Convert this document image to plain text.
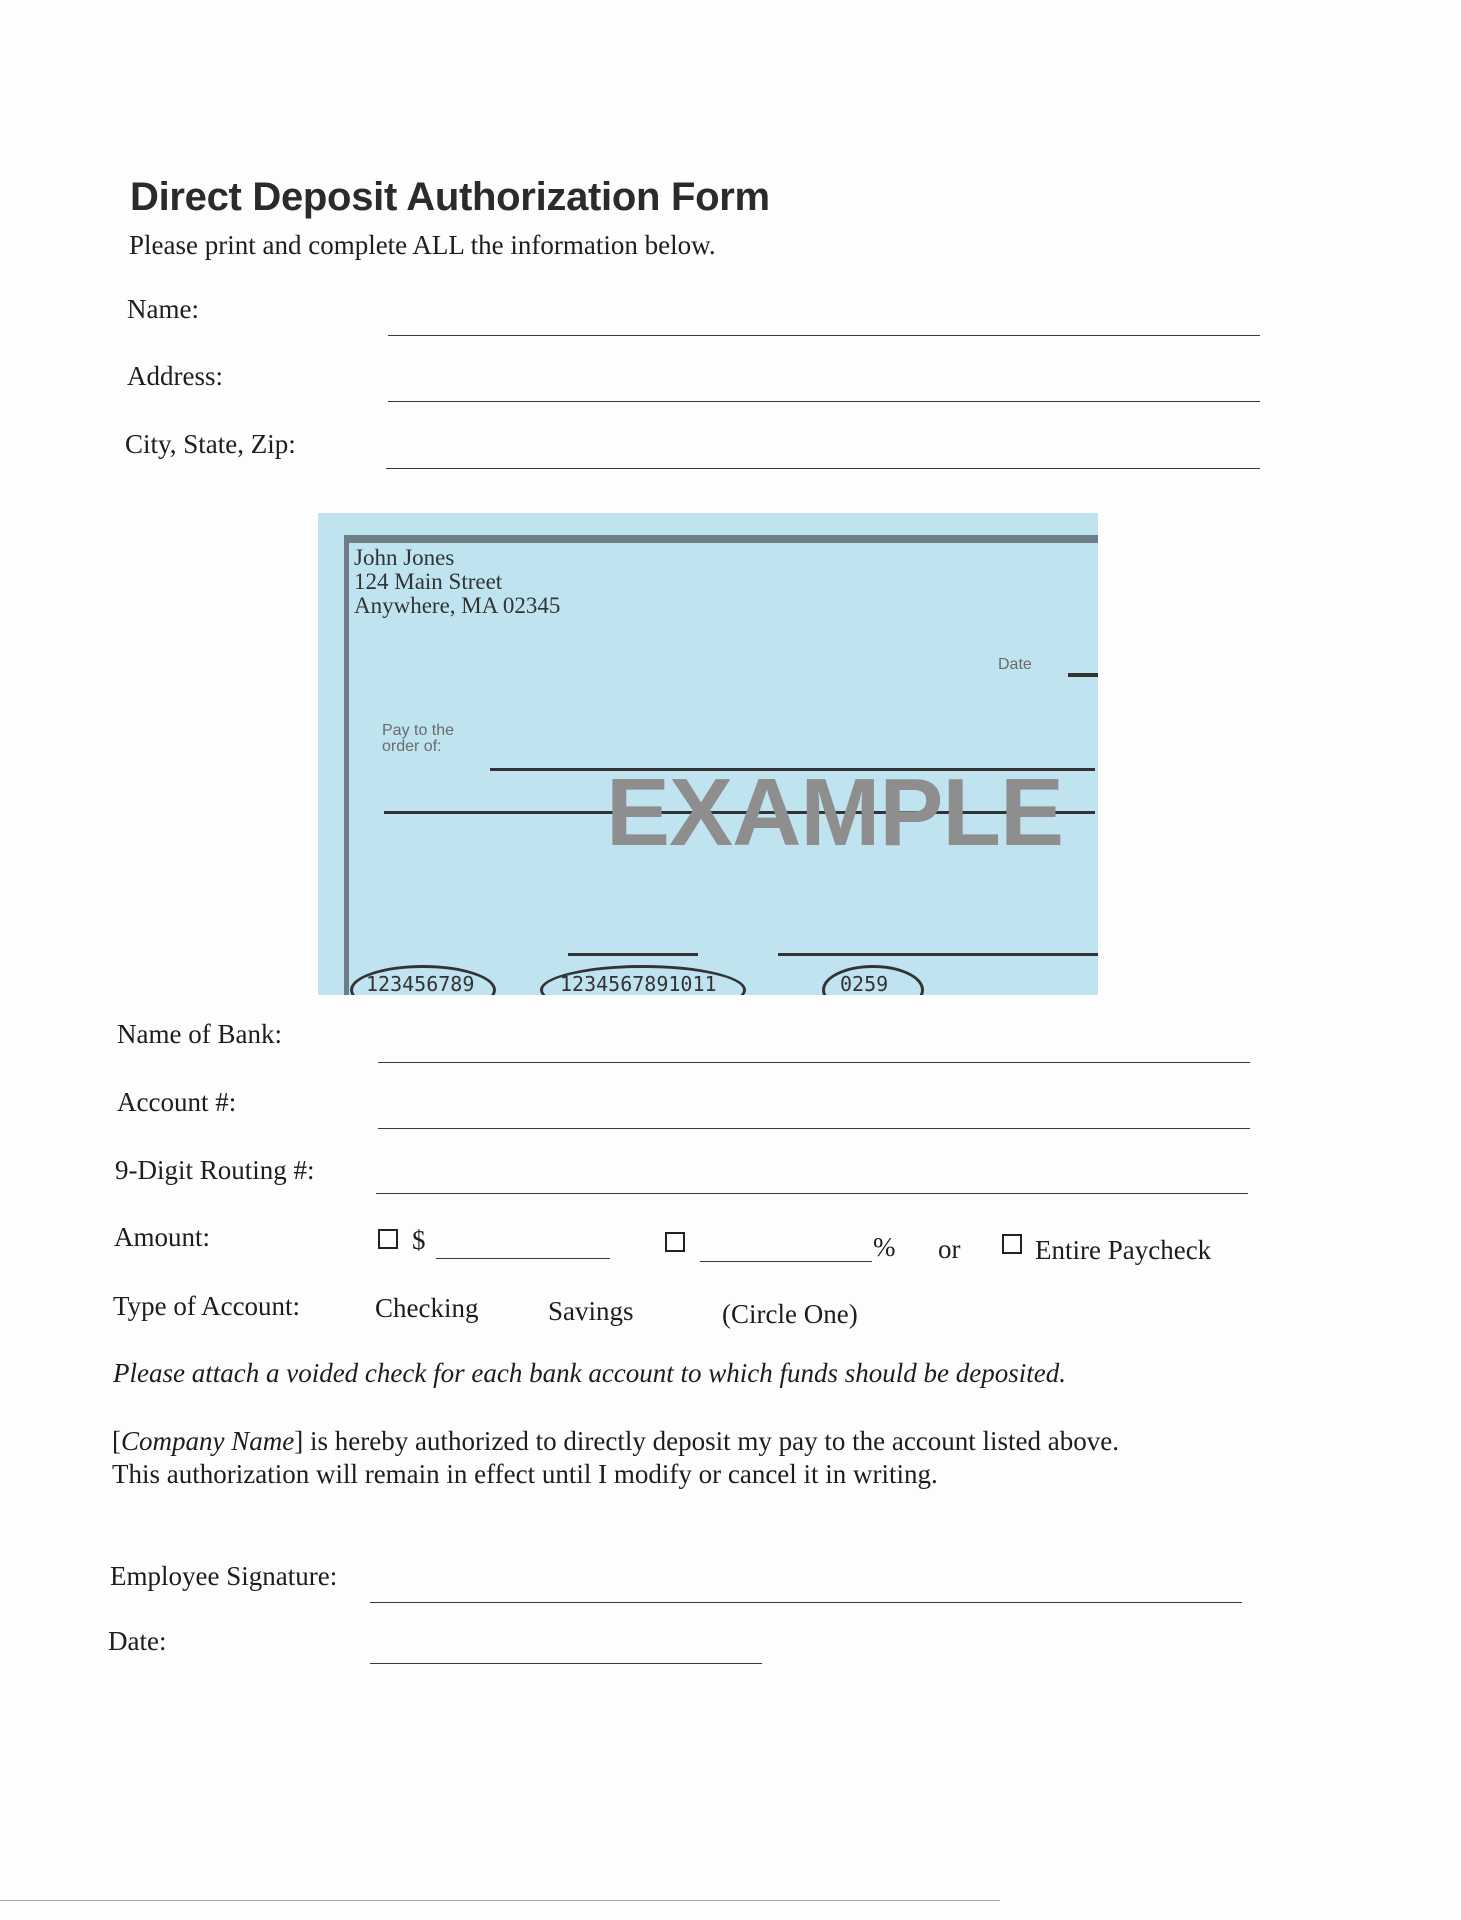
Direct Deposit Authorization Form
Please print and complete ALL the information below.
Name:
Address:
City, State, Zip:
John Jones
124 Main Street
Anywhere, MA 02345
Date
Pay to the
order of:
EXAMPLE
123456789	1234567891011	0259
Name of Bank:
Account #:
9-Digit Routing #:
Amount:	$	% or	Entire Paycheck
Type of Account:	Checking	Savings	(Circle One)
Please attach a voided check for each bank account to which funds should be deposited.
[Company Name] is hereby authorized to directly deposit my pay to the account listed above.
This authorization will remain in effect until I modify or cancel it in writing.
Employee Signature:
Date:
